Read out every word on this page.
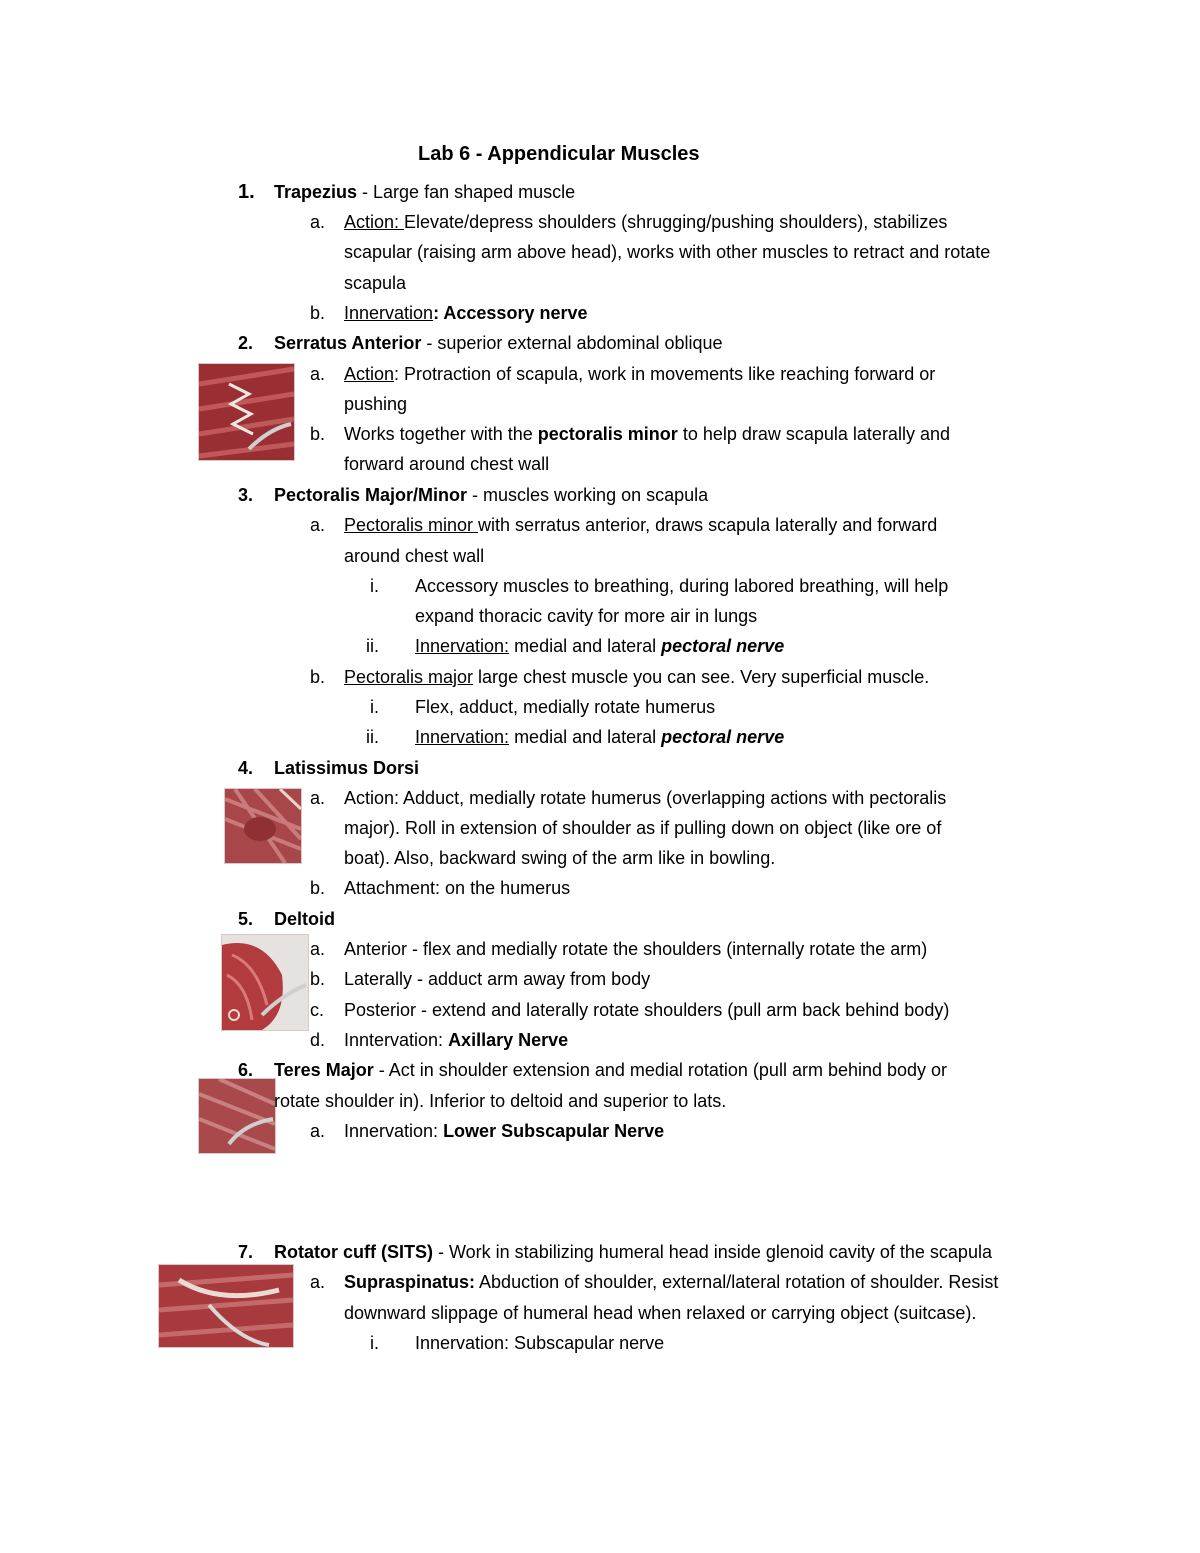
Lab 6 - Appendicular Muscles
1. Trapezius - Large fan shaped muscle
a. Action: Elevate/depress shoulders (shrugging/pushing shoulders), stabilizes
scapular (raising arm above head), works with other muscles to retract and rotate
scapula
b. Innervation: Accessory nerve
2. Serratus Anterior - superior external abdominal oblique
a. Action: Protraction of scapula, work in movements like reaching forward or
pushing
b. Works together with the pectoralis minor to help draw scapula laterally and
forward around chest wall
3. Pectoralis Major/Minor - muscles working on scapula
a. Pectoralis minor with serratus anterior, draws scapula laterally and forward
around chest wall
i. Accessory muscles to breathing, during labored breathing, will help
expand thoracic cavity for more air in lungs
ii. Innervation: medial and lateral pectoral nerve
b. Pectoralis major large chest muscle you can see. Very superficial muscle.
i. Flex, adduct, medially rotate humerus
ii. Innervation: medial and lateral pectoral nerve
4. Latissimus Dorsi
a. Action: Adduct, medially rotate humerus (overlapping actions with pectoralis
major). Roll in extension of shoulder as if pulling down on object (like ore of
boat). Also, backward swing of the arm like in bowling.
b. Attachment: on the humerus
5. Deltoid
a. Anterior - flex and medially rotate the shoulders (internally rotate the arm)
b. Laterally - adduct arm away from body
c. Posterior - extend and laterally rotate shoulders (pull arm back behind body)
d. Inntervation: Axillary Nerve
6. Teres Major - Act in shoulder extension and medial rotation (pull arm behind body or
rotate shoulder in). Inferior to deltoid and superior to lats.
a. Innervation: Lower Subscapular Nerve
7. Rotator cuff (SITS) - Work in stabilizing humeral head inside glenoid cavity of the scapula
a. Supraspinatus: Abduction of shoulder, external/lateral rotation of shoulder. Resist
downward slippage of humeral head when relaxed or carrying object (suitcase).
i. Innervation: Subscapular nerve
